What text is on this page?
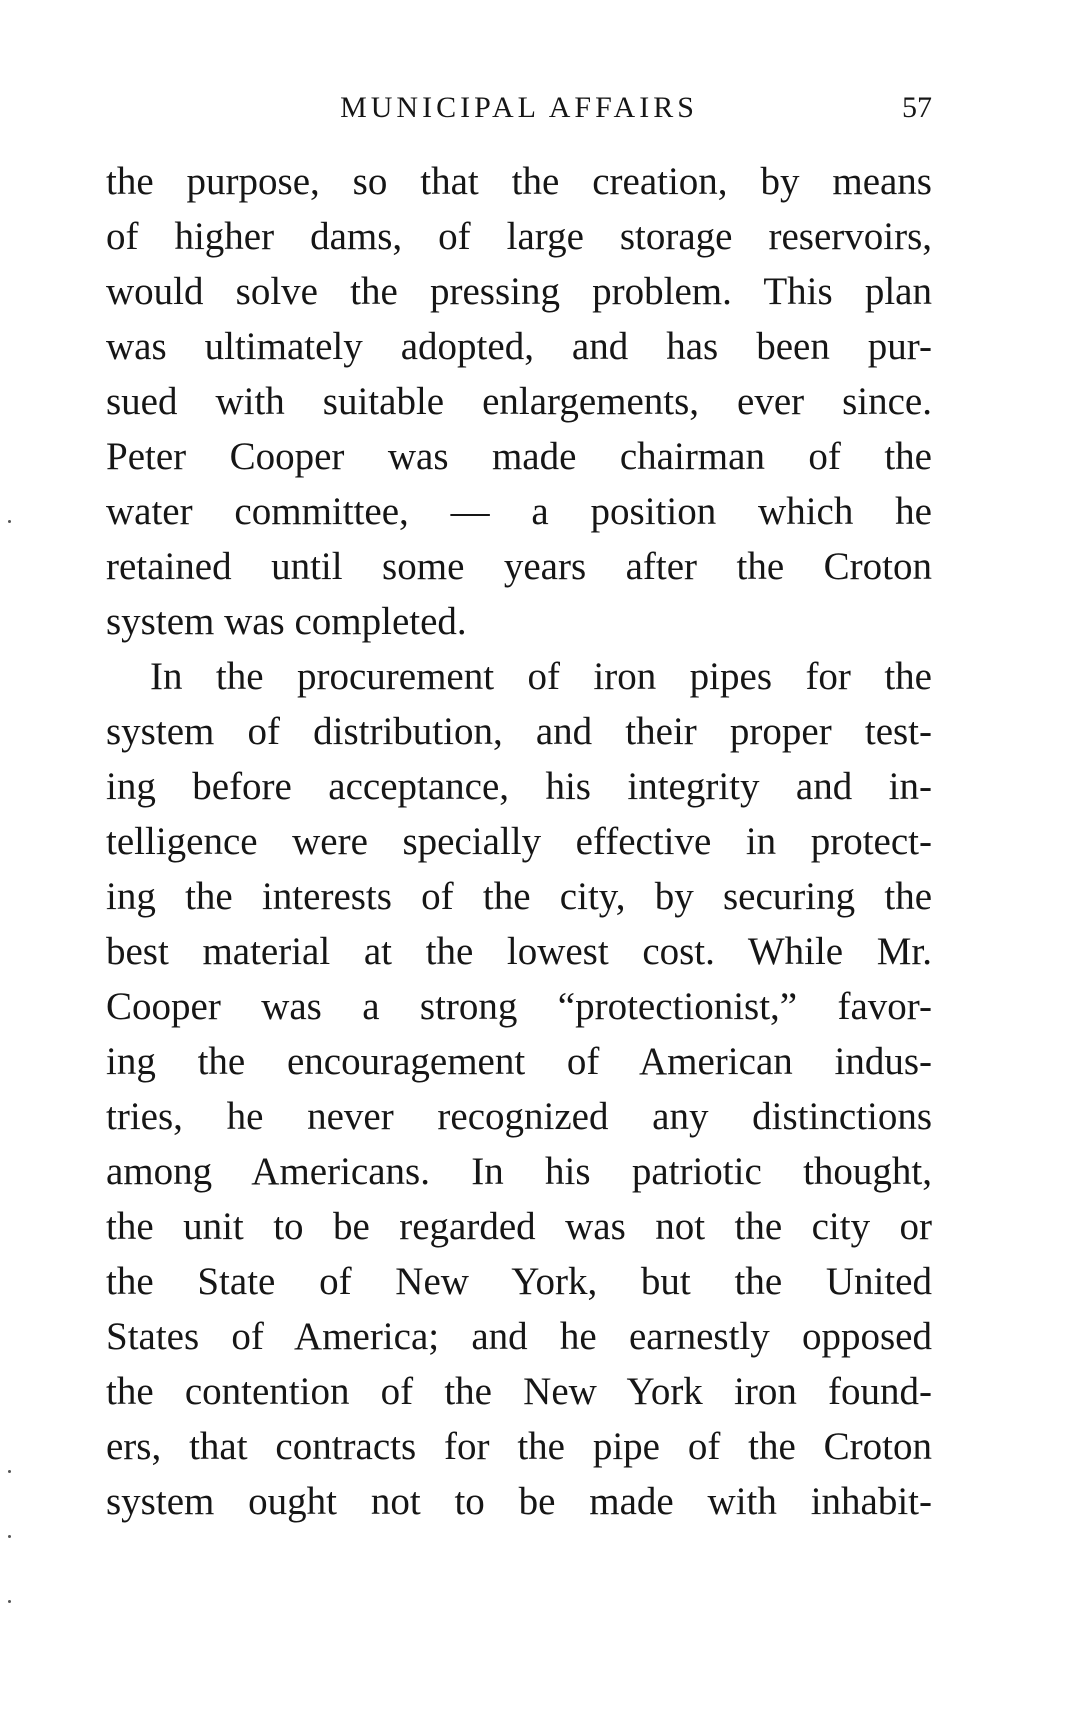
MUNICIPAL AFFAIRS	57
the purpose, so that the creation, by means
of higher dams, of large storage reservoirs,
would solve the pressing problem. This plan
was ultimately adopted, and has been pur-
sued with suitable enlargements, ever since.
Peter Cooper was made chairman of the
water committee, — a position which he
retained until some years after the Croton
system was completed.
In the procurement of iron pipes for the
system of distribution, and their proper test-
ing before acceptance, his integrity and in-
telligence were specially effective in protect-
ing the interests of the city, by securing the
best material at the lowest cost. While Mr.
Cooper was a strong “protectionist,” favor-
ing the encouragement of American indus-
tries, he never recognized any distinctions
among Americans. In his patriotic thought,
the unit to be regarded was not the city or
the State of New York, but the United
States of America; and he earnestly opposed
the contention of the New York iron found-
ers, that contracts for the pipe of the Croton
system ought not to be made with inhabit-
